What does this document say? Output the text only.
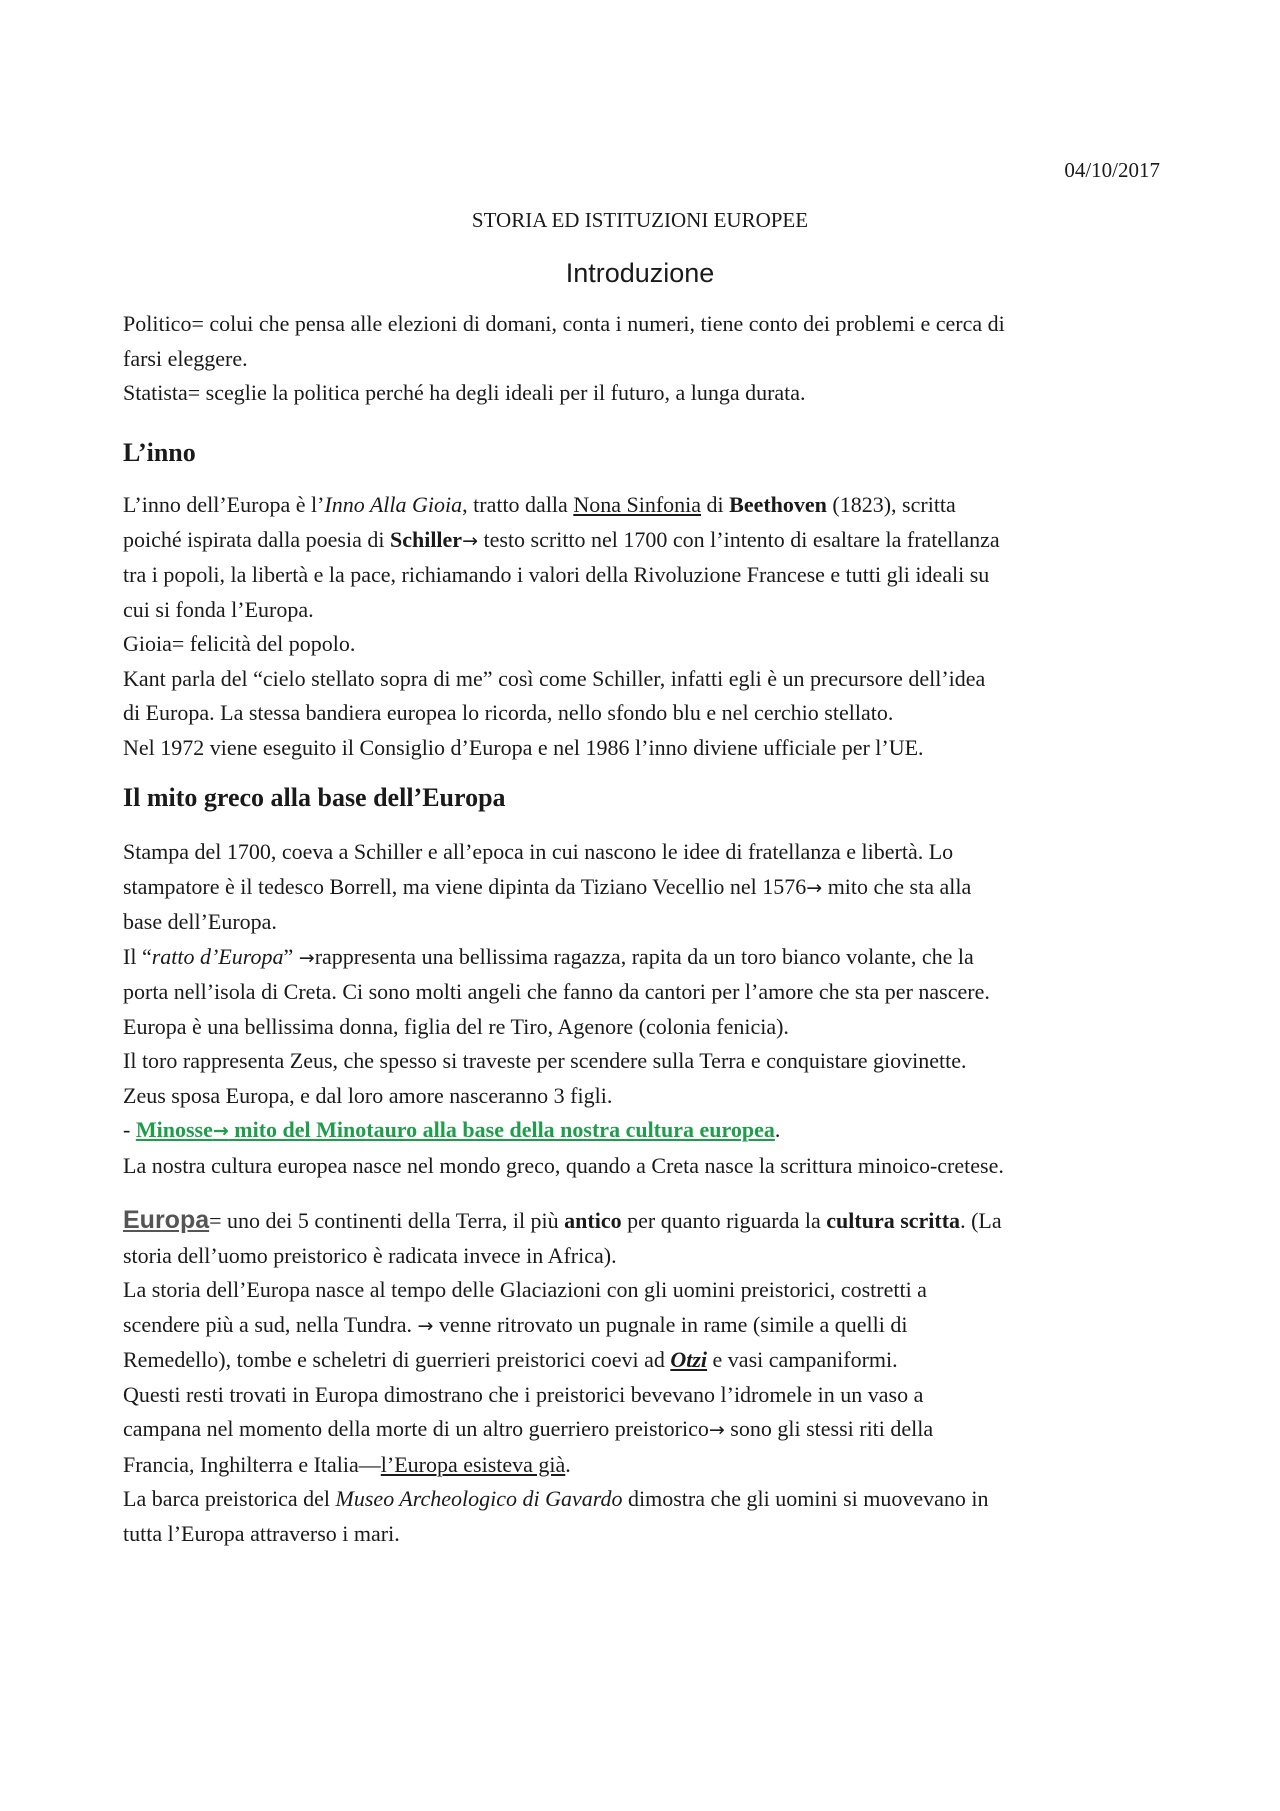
04/10/2017
STORIA ED ISTITUZIONI EUROPEE
Introduzione

Politico= colui che pensa alle elezioni di domani, conta i numeri, tiene conto dei problemi e cerca di

farsi eleggere.

Statista= sceglie la politica perché ha degli ideali per il futuro, a lunga durata.

L’inno

L’inno dell’Europa è l’Inno Alla Gioia, tratto dalla Nona Sinfonia di Beethoven (1823), scritta

poiché ispirata dalla poesia di Schiller→ testo scritto nel 1700 con l’intento di esaltare la fratellanza

tra i popoli, la libertà e la pace, richiamando i valori della Rivoluzione Francese e tutti gli ideali su

cui si fonda l’Europa.

Gioia= felicità del popolo.

Kant parla del “cielo stellato sopra di me” così come Schiller, infatti egli è un precursore dell’idea

di Europa. La stessa bandiera europea lo ricorda, nello sfondo blu e nel cerchio stellato.

Nel 1972 viene eseguito il Consiglio d’Europa e nel 1986 l’inno diviene ufficiale per l’UE.

Il mito greco alla base dell’Europa

Stampa del 1700, coeva a Schiller e all’epoca in cui nascono le idee di fratellanza e libertà. Lo

stampatore è il tedesco Borrell, ma viene dipinta da Tiziano Vecellio nel 1576→ mito che sta alla

base dell’Europa.

Il “ratto d’Europa” →rappresenta una bellissima ragazza, rapita da un toro bianco volante, che la

porta nell’isola di Creta. Ci sono molti angeli che fanno da cantori per l’amore che sta per nascere.

Europa è una bellissima donna, figlia del re Tiro, Agenore (colonia fenicia).

Il toro rappresenta Zeus, che spesso si traveste per scendere sulla Terra e conquistare giovinette.

Zeus sposa Europa, e dal loro amore nasceranno 3 figli.

- Minosse→ mito del Minotauro alla base della nostra cultura europea.

La nostra cultura europea nasce nel mondo greco, quando a Creta nasce la scrittura minoico-cretese.

Europa= uno dei 5 continenti della Terra, il più antico per quanto riguarda la cultura scritta. (La

storia dell’uomo preistorico è radicata invece in Africa).

La storia dell’Europa nasce al tempo delle Glaciazioni con gli uomini preistorici, costretti a

scendere più a sud, nella Tundra. → venne ritrovato un pugnale in rame (simile a quelli di

Remedello), tombe e scheletri di guerrieri preistorici coevi ad Otzi e vasi campaniformi.

Questi resti trovati in Europa dimostrano che i preistorici bevevano l’idromele in un vaso a

campana nel momento della morte di un altro guerriero preistorico→ sono gli stessi riti della

Francia, Inghilterra e Italia—l’Europa esisteva già.

La barca preistorica del Museo Archeologico di Gavardo dimostra che gli uomini si muovevano in

tutta l’Europa attraverso i mari.
